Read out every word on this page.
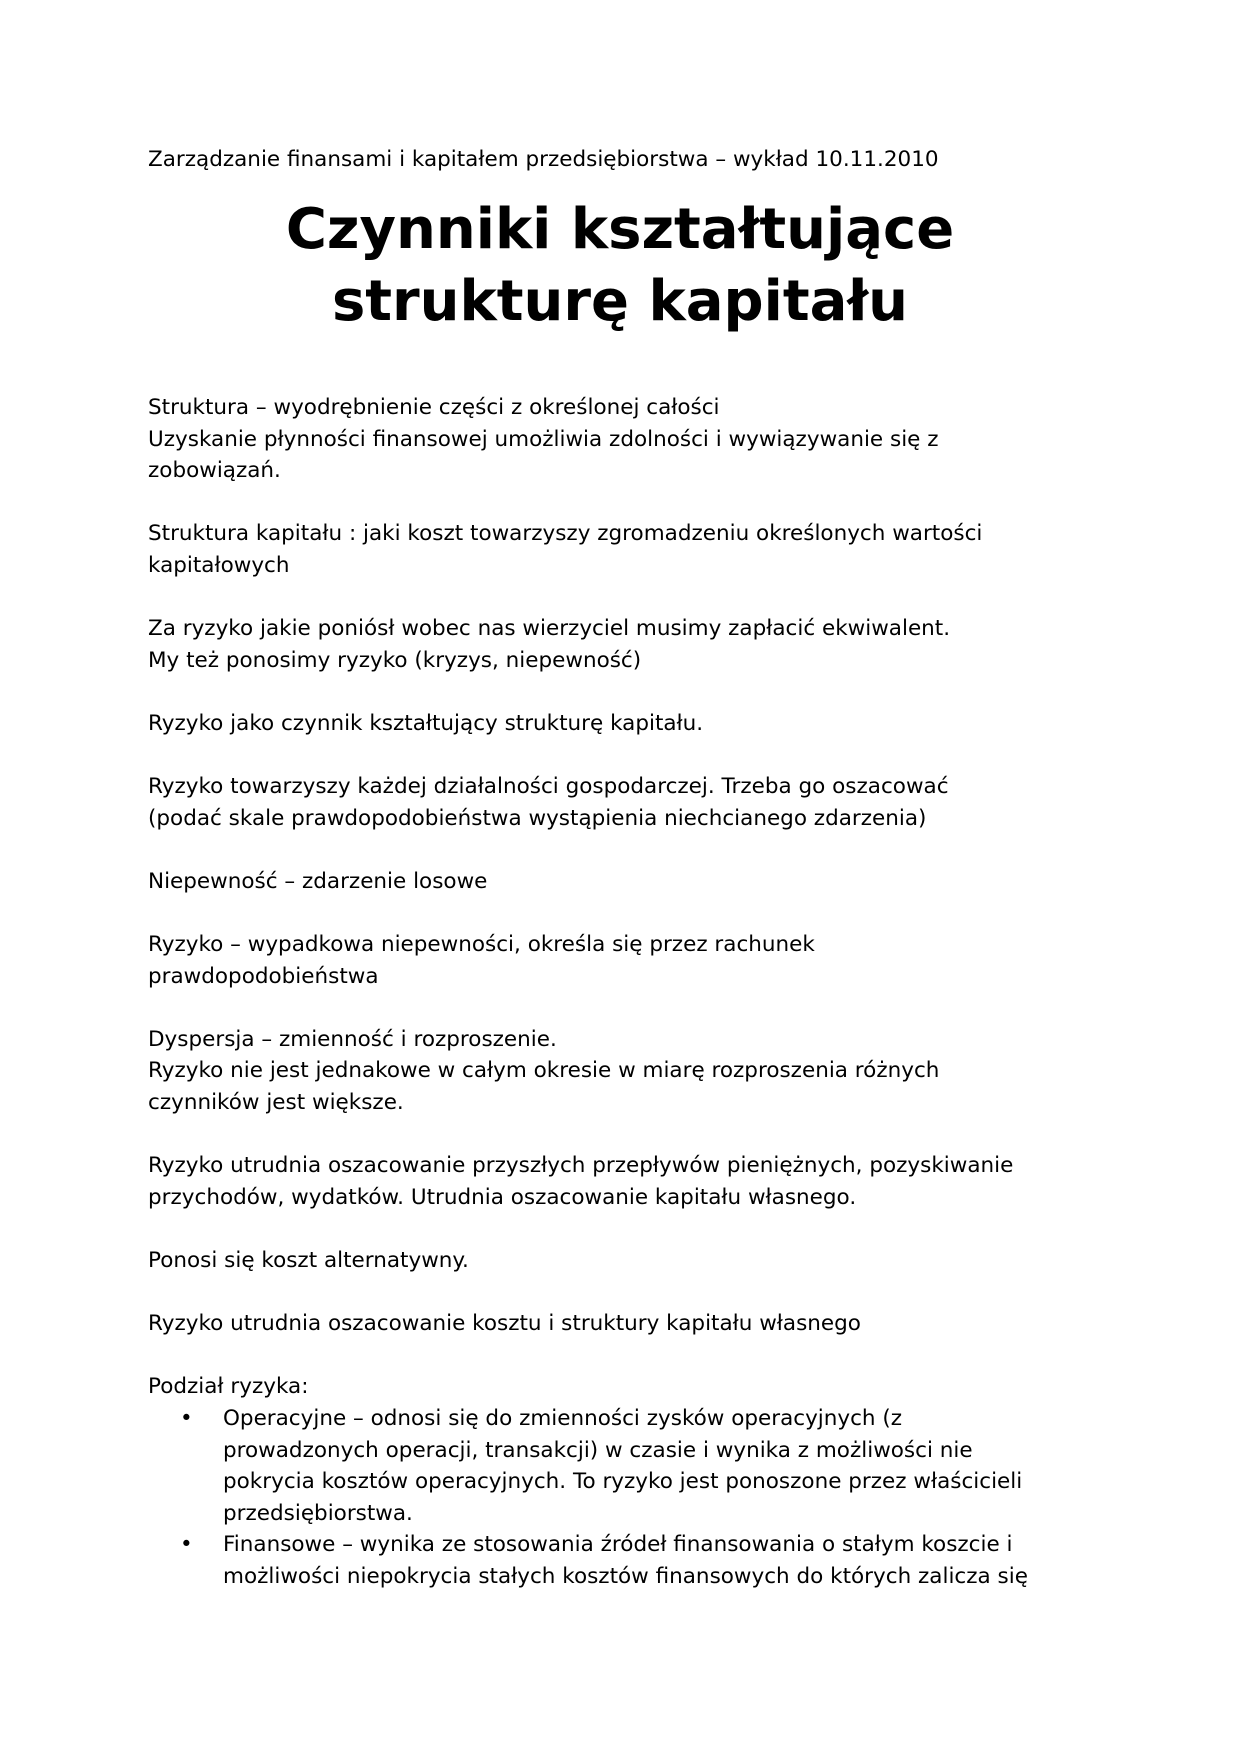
Zarządzanie finansami i kapitałem przedsiębiorstwa – wykład 10.11.2010
Czynniki kształtujące
strukturę kapitału
Struktura – wyodrębnienie części z określonej całości
Uzyskanie płynności finansowej umożliwia zdolności i wywiązywanie się z
zobowiązań.
Struktura kapitału : jaki koszt towarzyszy zgromadzeniu określonych wartości
kapitałowych
Za ryzyko jakie poniósł wobec nas wierzyciel musimy zapłacić ekwiwalent.
My też ponosimy ryzyko (kryzys, niepewność)
Ryzyko jako czynnik kształtujący strukturę kapitału.
Ryzyko towarzyszy każdej działalności gospodarczej. Trzeba go oszacować
(podać skale prawdopodobieństwa wystąpienia niechcianego zdarzenia)
Niepewność – zdarzenie losowe
Ryzyko – wypadkowa niepewności, określa się przez rachunek
prawdopodobieństwa
Dyspersja – zmienność i rozproszenie.
Ryzyko nie jest jednakowe w całym okresie w miarę rozproszenia różnych
czynników jest większe.
Ryzyko utrudnia oszacowanie przyszłych przepływów pieniężnych, pozyskiwanie
przychodów, wydatków. Utrudnia oszacowanie kapitału własnego.
Ponosi się koszt alternatywny.
Ryzyko utrudnia oszacowanie kosztu i struktury kapitału własnego
Podział ryzyka:
• Operacyjne – odnosi się do zmienności zysków operacyjnych (z
prowadzonych operacji, transakcji) w czasie i wynika z możliwości nie
pokrycia kosztów operacyjnych. To ryzyko jest ponoszone przez właścicieli
przedsiębiorstwa.
• Finansowe – wynika ze stosowania źródeł finansowania o stałym koszcie i
możliwości niepokrycia stałych kosztów finansowych do których zalicza się
